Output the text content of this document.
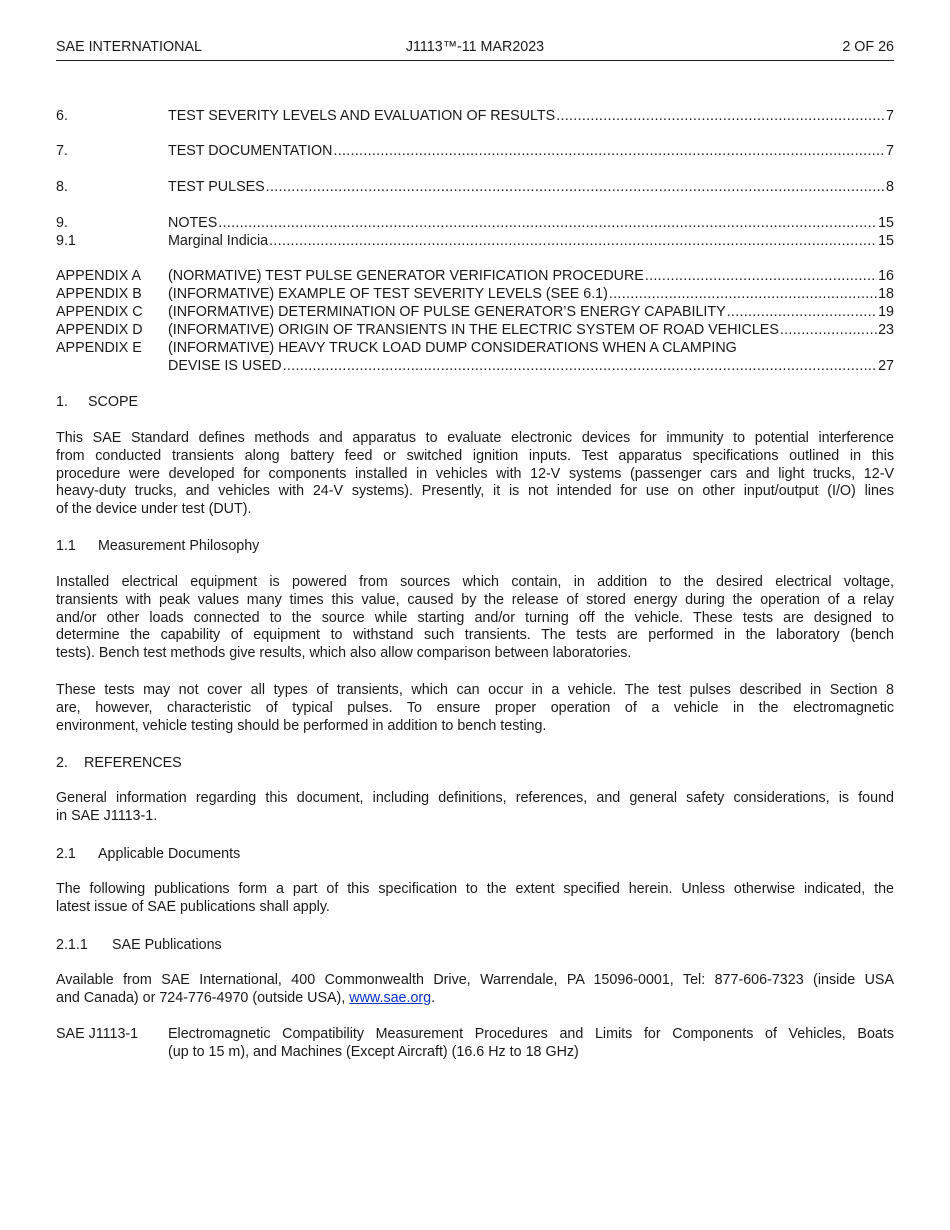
SAE INTERNATIONAL	J1113™-11 MAR2023	2 OF 26
6.	TEST SEVERITY LEVELS AND EVALUATION OF RESULTS .....	7
7.	TEST DOCUMENTATION .....	7
8.	TEST PULSES .....	8
9.	NOTES .....	15
9.1	Marginal Indicia .....	15
APPENDIX A	(NORMATIVE) TEST PULSE GENERATOR VERIFICATION PROCEDURE .....	16
APPENDIX B	(INFORMATIVE) EXAMPLE OF TEST SEVERITY LEVELS (SEE 6.1) .....	18
APPENDIX C	(INFORMATIVE) DETERMINATION OF PULSE GENERATOR’S ENERGY CAPABILITY .....	19
APPENDIX D	(INFORMATIVE) ORIGIN OF TRANSIENTS IN THE ELECTRIC SYSTEM OF ROAD VEHICLES .....	23
APPENDIX E	(INFORMATIVE) HEAVY TRUCK LOAD DUMP CONSIDERATIONS WHEN A CLAMPING
DEVISE IS USED .....	27
1. SCOPE
This SAE Standard defines methods and apparatus to evaluate electronic devices for immunity to potential interference
from conducted transients along battery feed or switched ignition inputs. Test apparatus specifications outlined in this
procedure were developed for components installed in vehicles with 12-V systems (passenger cars and light trucks, 12-V
heavy-duty trucks, and vehicles with 24-V systems). Presently, it is not intended for use on other input/output (I/O) lines
of the device under test (DUT).
1.1 Measurement Philosophy
Installed electrical equipment is powered from sources which contain, in addition to the desired electrical voltage,
transients with peak values many times this value, caused by the release of stored energy during the operation of a relay
and/or other loads connected to the source while starting and/or turning off the vehicle. These tests are designed to
determine the capability of equipment to withstand such transients. The tests are performed in the laboratory (bench
tests). Bench test methods give results, which also allow comparison between laboratories.
These tests may not cover all types of transients, which can occur in a vehicle. The test pulses described in Section 8
are, however, characteristic of typical pulses. To ensure proper operation of a vehicle in the electromagnetic
environment, vehicle testing should be performed in addition to bench testing.
2. REFERENCES
General information regarding this document, including definitions, references, and general safety considerations, is found
in SAE J1113-1.
2.1 Applicable Documents
The following publications form a part of this specification to the extent specified herein. Unless otherwise indicated, the
latest issue of SAE publications shall apply.
2.1.1 SAE Publications
Available from SAE International, 400 Commonwealth Drive, Warrendale, PA 15096-0001, Tel: 877-606-7323 (inside USA
and Canada) or 724-776-4970 (outside USA), www.sae.org.
SAE J1113-1 Electromagnetic Compatibility Measurement Procedures and Limits for Components of Vehicles, Boats
(up to 15 m), and Machines (Except Aircraft) (16.6 Hz to 18 GHz)
